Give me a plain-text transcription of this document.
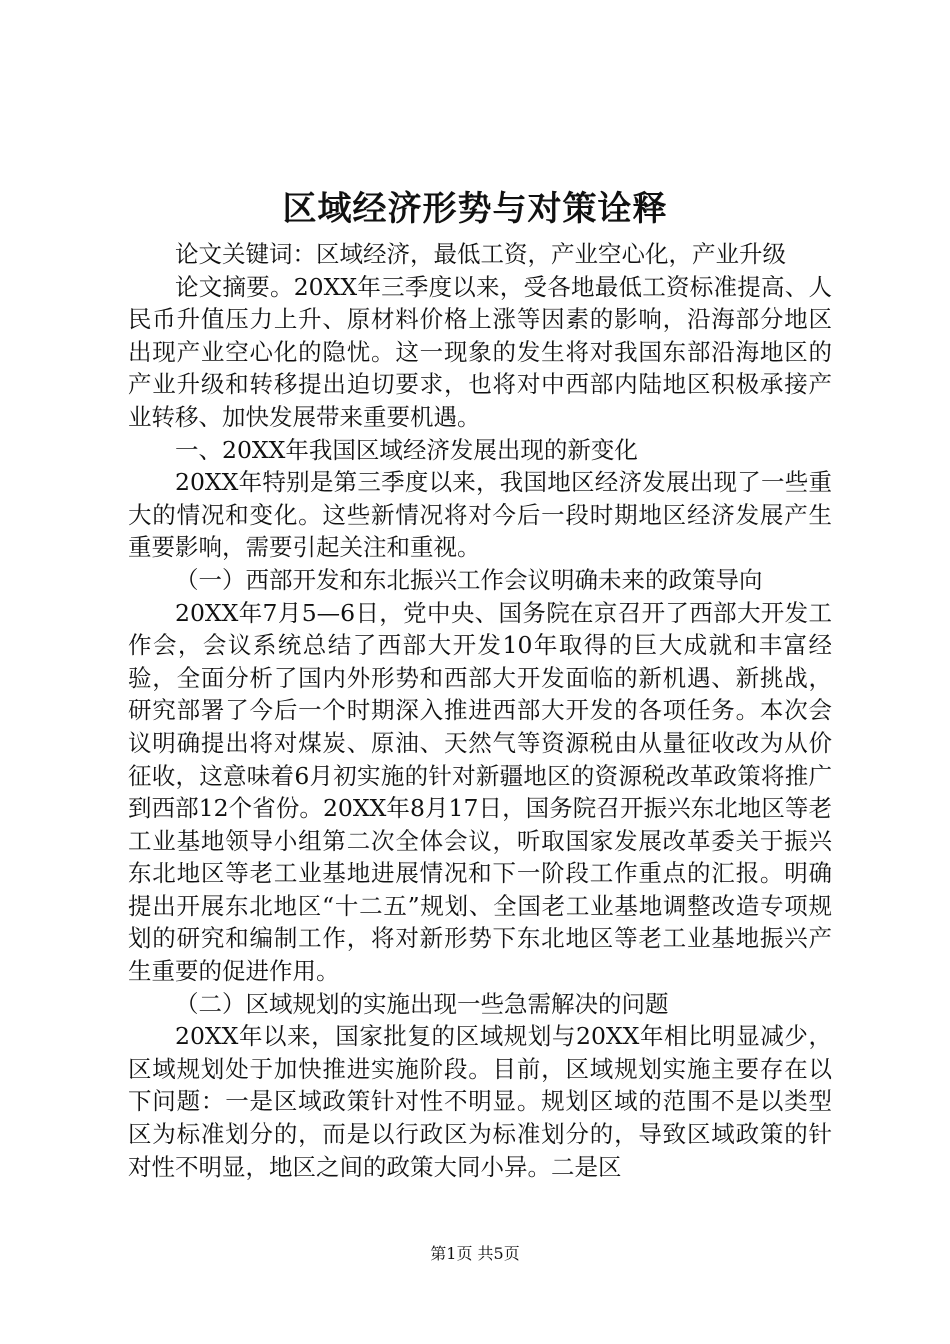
区域经济形势与对策诠释

论文关键词：区域经济，最低工资，产业空心化，产业升级

论文摘要。20XX年三季度以来，受各地最低工资标准提高、人民币升值压力上升、原材料价格上涨等因素的影响，沿海部分地区出现产业空心化的隐忧。这一现象的发生将对我国东部沿海地区的产业升级和转移提出迫切要求，也将对中西部内陆地区积极承接产业转移、加快发展带来重要机遇。

一、20XX年我国区域经济发展出现的新变化

20XX年特别是第三季度以来，我国地区经济发展出现了一些重大的情况和变化。这些新情况将对今后一段时期地区经济发展产生重要影响，需要引起关注和重视。

（一）西部开发和东北振兴工作会议明确未来的政策导向

20XX年7月5—6日，党中央、国务院在京召开了西部大开发工作会，会议系统总结了西部大开发10年取得的巨大成就和丰富经验，全面分析了国内外形势和西部大开发面临的新机遇、新挑战，研究部署了今后一个时期深入推进西部大开发的各项任务。本次会议明确提出将对煤炭、原油、天然气等资源税由从量征收改为从价征收，这意味着6月初实施的针对新疆地区的资源税改革政策将推广到西部12个省份。20XX年8月17日，国务院召开振兴东北地区等老工业基地领导小组第二次全体会议，听取国家发展改革委关于振兴东北地区等老工业基地进展情况和下一阶段工作重点的汇报。明确提出开展东北地区“十二五”规划、全国老工业基地调整改造专项规划的研究和编制工作，将对新形势下东北地区等老工业基地振兴产生重要的促进作用。

（二）区域规划的实施出现一些急需解决的问题

20XX年以来，国家批复的区域规划与20XX年相比明显减少，区域规划处于加快推进实施阶段。目前，区域规划实施主要存在以下问题：一是区域政策针对性不明显。规划区域的范围不是以类型区为标准划分的，而是以行政区为标准划分的，导致区域政策的针对性不明显，地区之间的政策大同小异。二是区

第1页 共5页
